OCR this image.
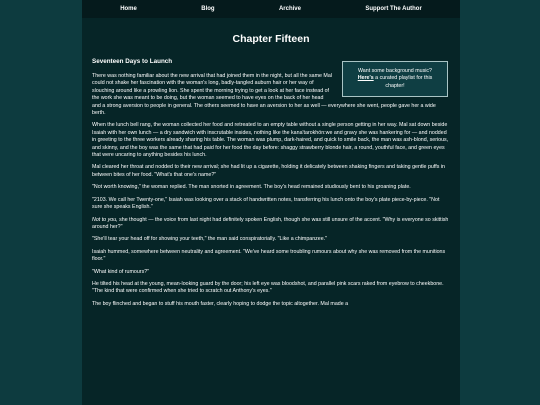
Home	Blog	Archive	Support The Author
Chapter Fifteen
Want some background music?
Here's a curated playlist for this chapter!
Seventeen Days to Launch

There was nothing familiar about the new arrival that had joined them in the night, but all the same Mal could not shake her fascination with the woman's long, badly-tangled auburn hair or her way of slouching around like a prowling lion. She spent the morning trying to get a look at her face instead of the work she was meant to be doing, but the woman seemed to have eyes on the back of her head and a strong aversion to people in general. The others seemed to have an aversion to her as well — everywhere she went, people gave her a wide berth.

When the lunch bell rang, the woman collected her food and retreated to an empty table without a single person getting in her way. Mal sat down beside Isaiah with her own lunch — a dry sandwich with inscrutable insides, nothing like the kana'tarokhön:we and gravy she was hankering for — and nodded in greeting to the three workers already sharing his table. The woman was plump, dark-haired, and quick to smile back, the man was ash-blond, serious, and skinny, and the boy was the same that had paid for her food the day before: shaggy strawberry blonde hair, a round, youthful face, and green eyes that were uncaring to anything besides his lunch.

Mal cleared her throat and nodded to their new arrival; she had lit up a cigarette, holding it delicately between shaking fingers and taking gentle puffs in between bites of her food. "What's that one's name?"

"Not worth knowing," the woman replied. The man snorted in agreement. The boy's head remained studiously bent to his groaning plate.

"2103. We call her Twenty-one," Isaiah was looking over a stack of handwritten notes, transferring his lunch onto the boy's plate piece-by-piece. "Not sure she speaks English."

Not to you, she thought — the voice from last night had definitely spoken English, though she was still unsure of the accent. "Why is everyone so skittish around her?"

"She'll tear your head off for showing your teeth," the man said conspiratorially. "Like a chimpanzee."

Isaiah hummed, somewhere between neutrality and agreement. "We've heard some troubling rumours about why she was removed from the munitions floor."

"What kind of rumours?"

He tilted his head at the young, mean-looking guard by the door; his left eye was bloodshot, and parallel pink scars raked from eyebrow to cheekbone. "The kind that were confirmed when she tried to scratch out Anthony's eyes."

The boy flinched and began to stuff his mouth faster, clearly hoping to dodge the topic altogether. Mal made a
